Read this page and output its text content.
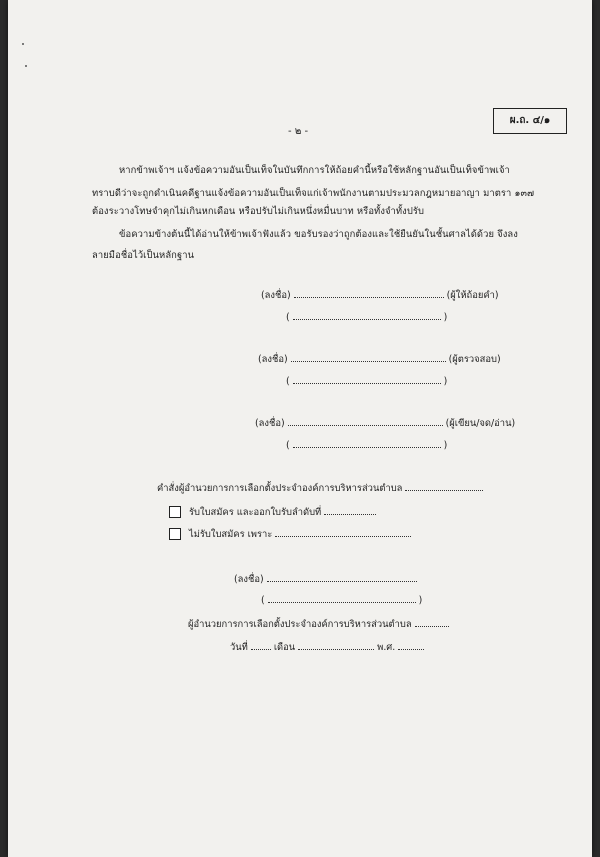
ผ.ถ. ๔/๑
- ๒ -
หากข้าพเจ้าฯ แจ้งข้อความอันเป็นเท็จในบันทึกการให้ถ้อยคำนี้หรือใช้หลักฐานอันเป็นเท็จข้าพเจ้า
ทราบดีว่าจะถูกดำเนินคดีฐานแจ้งข้อความอันเป็นเท็จแก่เจ้าพนักงานตามประมวลกฎหมายอาญา มาตรา ๑๓๗
ต้องระวางโทษจำคุกไม่เกินหกเดือน หรือปรับไม่เกินหนึ่งหมื่นบาท หรือทั้งจำทั้งปรับ
ข้อความข้างต้นนี้ได้อ่านให้ข้าพเจ้าฟังแล้ว ขอรับรองว่าถูกต้องและใช้ยืนยันในชั้นศาลได้ด้วย จึงลง
ลายมือชื่อไว้เป็นหลักฐาน
(ลงชื่อ)	(ผู้ให้ถ้อยคำ)
(	)
(ลงชื่อ)	(ผู้ตรวจสอบ)
(	)
(ลงชื่อ)	(ผู้เขียน/จด/อ่าน)
(	)
คำสั่งผู้อำนวยการการเลือกตั้งประจำองค์การบริหารส่วนตำบล
รับใบสมัคร และออกใบรับลำดับที่
ไม่รับใบสมัคร เพราะ
(ลงชื่อ)
(	)
ผู้อำนวยการการเลือกตั้งประจำองค์การบริหารส่วนตำบล
วันที่	เดือน	พ.ศ.
